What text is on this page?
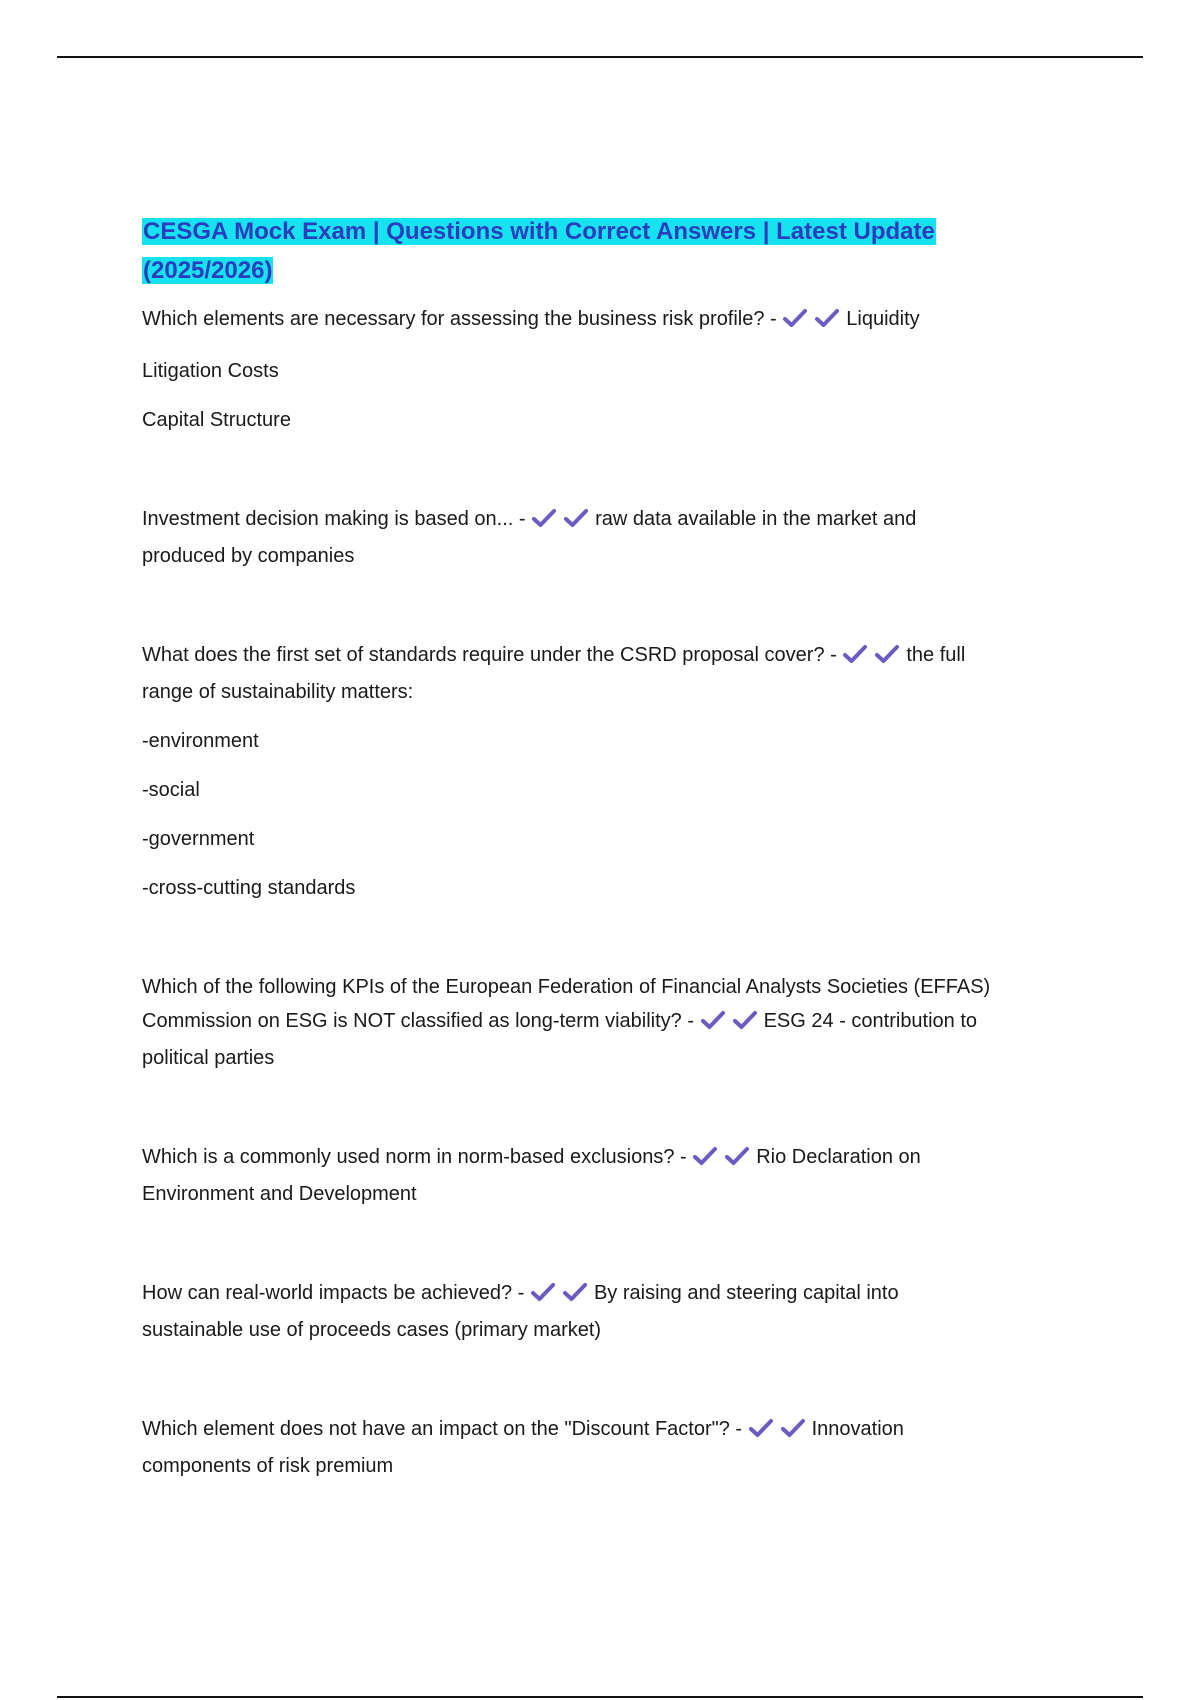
CESGA Mock Exam | Questions with Correct Answers | Latest Update
(2025/2026)
Which elements are necessary for assessing the business risk profile? -	Liquidity
Litigation Costs
Capital Structure
Investment decision making is based on... -	raw data available in the market and
produced by companies
What does the first set of standards require under the CSRD proposal cover? -	the full
range of sustainability matters:
-environment
-social
-government
-cross-cutting standards
Which of the following KPIs of the European Federation of Financial Analysts Societies (EFFAS)
Commission on ESG is NOT classified as long-term viability? -	ESG 24 - contribution to
political parties
Which is a commonly used norm in norm-based exclusions? -	Rio Declaration on
Environment and Development
How can real-world impacts be achieved? -	By raising and steering capital into
sustainable use of proceeds cases (primary market)
Which element does not have an impact on the "Discount Factor"? -	Innovation
components of risk premium
